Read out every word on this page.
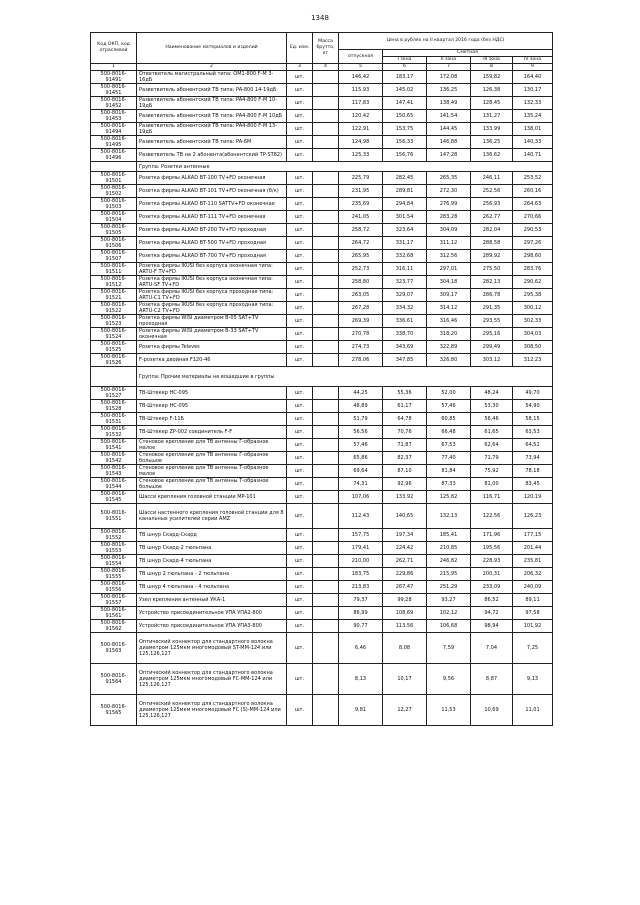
1348
Код ОКП, код отраслевой	Наименование материалов и изделий	Ед. изм.	Масса брутто, кг	Цена в рублях на II квартал 2016 года (без НДС)				
				отпускная	Сметная			
					I зона	II зона	III зона	IV зона
1	2	3	4	5	6	7	8	9
500-8016-91491	Ответвитель магистральный типа: OM1-800 F-M 3-16дБ	шт.		146,42	183,17	172,08	159,82	164,40
500-8016-91451	Разветвитель абонентский ТВ типа: PA-800 14-19дБ	шт.		115,93	145,02	136,25	126,38	130,17
500-8016-91452	Разветвитель абонентский ТВ типа: PA4-800 F-M 10-19дБ	шт.		117,83	147,41	138,49	128,45	132,33
500-8016-91453	Разветвитель абонентский ТВ типа: PA4-800 F-M 10дБ	шт.		120,42	150,65	141,54	131,27	135,24
500-8016-91494	Разветвитель абонентский ТВ типа: PA4-800 F-M 13-19дБ	шт.		122,91	153,75	144,45	133,99	138,01
500-8016-91495	Разветвитель абонентский ТВ типа: PA-6M	шт.		124,98	156,33	146,88	136,25	140,33
500-8016-91496	Разветвитель ТВ на 2 абонента(абонентский TP-ST82)	шт.		125,33	156,76	147,28	136,62	140,71
	Группа: Розетки антенные							
500-8016-91501	Розетка фирмы ALKAD BT-100 TV+FD оконечная	шт.		225,79	282,45	265,35	246,11	253,52
500-8016-91502	Розетка фирмы ALKAD BT-101 TV+FD оконечная (б/к)	шт.		231,95	289,81	272,30	252,56	260,16
500-8016-91503	Розетка фирмы ALKAD BT-110 SATTV+FD оконечная	шт.		235,69	294,84	276,99	256,93	264,63
500-8016-91504	Розетка фирмы ALKAD BT-111 TV+FD оконечная	шт.		241,05	301,54	283,28	262,77	270,66
500-8016-91505	Розетка фирмы ALKAD BT-200 TV+FD проходная	шт.		258,72	323,64	304,09	282,04	290,53
500-8016-91506	Розетка фирмы ALKAD BT-500 TV+FD проходная	шт.		264,72	331,17	311,12	288,58	297,26
500-8016-91507	Розетка фирмы ALKAD BT-700 TV+FD проходная	шт.		265,95	332,68	312,56	289,92	298,60
500-8016-91511	Розетка фирмы IKUSI без корпуса оконечная типа: ARTU-F TV+FD	шт.		252,73	316,11	297,01	275,50	283,76
500-8016-91512	Розетка фирмы IKUSI без корпуса оконечная типа: ARTU-SF TV+FD	шт.		258,80	323,77	304,18	282,13	290,62
500-8016-91521	Розетка фирмы IKUSI без корпуса проходная типа: ARTU-C1 TV+FD	шт.		263,05	329,07	309,17	286,78	295,38
500-8016-91522	Розетка фирмы IKUSI без корпуса проходная типа: ARTU-C2 TV+FD	шт.		267,28	334,32	314,12	291,35	300,12
500-8016-91523	Розетка фирмы WISI диаметром В-05 SAT+TV проходная	шт.		269,39	336,61	316,46	293,55	302,33
500-8016-91524	Розетка фирмы WISI диаметром В-33 SAT+TV оконечная	шт.		270,78	338,70	318,20	295,16	304,03
500-8016-91525	Розетка фирмы Televes	шт.		274,73	343,69	322,89	299,49	308,50
500-8016-91526	F-розетка двойная F120-46	шт.		278,06	347,85	326,80	303,12	312,23
	Группа: Прочие материалы не вошедшие в группы							
500-8016-91527	ТВ-Штекер HC-095	шт.		44,25	55,36	52,00	48,24	49,70
500-8016-91528	ТВ-Штекер HC-095	шт.		48,89	61,17	57,46	53,30	54,90
500-8016-91531	ТВ-Штекер F-11Б	шт.		51,79	64,78	60,85	56,46	58,15
500-8016-91532	ТВ-Штекер ZP-002 соединитель F-F	шт.		56,56	70,76	66,48	61,65	63,53
500-8016-91541	Стеновое крепление для ТВ антенны Г-образное малое	шт.		57,46	71,87	67,53	62,64	64,52
500-8016-91542	Стеновое крепление для ТВ антенны Г-образное большое	шт.		65,86	82,37	77,40	71,79	73,94
500-8016-91543	Стеновое крепление для ТВ антенны Т-образное малое	шт.		69,64	87,10	81,84	75,92	78,18
500-8016-91544	Стеновое крепление для ТВ антенны Т-образное большое	шт.		74,31	92,96	87,33	81,00	83,45
500-8016-91545	Шасси крепления головной станции MP-101	шт.		107,06	133,92	125,82	116,71	120,19
500-8016-91551	Шасси настенного крепления головной станции для 8 канальных усилителей серии AMZ	шт.		112,43	140,65	132,13	122,56	126,23
500-8016-91552	ТВ шнур Скард-Скард	шт.		157,75	197,34	185,41	171,96	177,15
500-8016-91553	ТВ шнур Скард-2 тюльпана	шт.		179,41	224,42	210,85	195,56	201,44
500-8016-91554	ТВ шнур Скард-4 тюльпана	шт.		210,00	262,71	246,82	228,93	235,81
500-8016-91555	ТВ шнур 2 тюльпана - 2 тюльпана	шт.		183,75	229,86	215,95	200,31	206,32
500-8016-91556	ТВ шнур 4 тюльпана - 4 тюльпана	шт.		213,83	267,47	251,29	233,09	240,09
500-8016-91557	Узел крепления антенный УКА-1	шт.		79,37	99,28	93,27	86,52	89,11
500-8016-91561	Устройство присоединительное УПА УПА2-800	шт.		86,99	108,69	102,12	94,72	97,58
500-8016-91562	Устройство присоединительное УПА УПА3-800	шт.		90,77	113,56	106,68	98,94	101,92
500-8016-91563	Оптический коннектор для стандартного волокна диаметром 125мкм многомодовый ST-MM-124 или 125,126,127	шт.		6,46	8,08	7,59	7,04	7,25
500-8016-91564	Оптический коннектор для стандартного волокна диаметром 125мкм многомодовый FC-MM-124 или 125,126,127	шт.		8,13	10,17	9,56	8,87	9,13
500-8016-91565	Оптический коннектор для стандартного волокна диаметром 125мкм многомодовый FC (S)-MM-124 или 125,126,127	шт.		9,81	12,27	11,53	10,69	11,01
